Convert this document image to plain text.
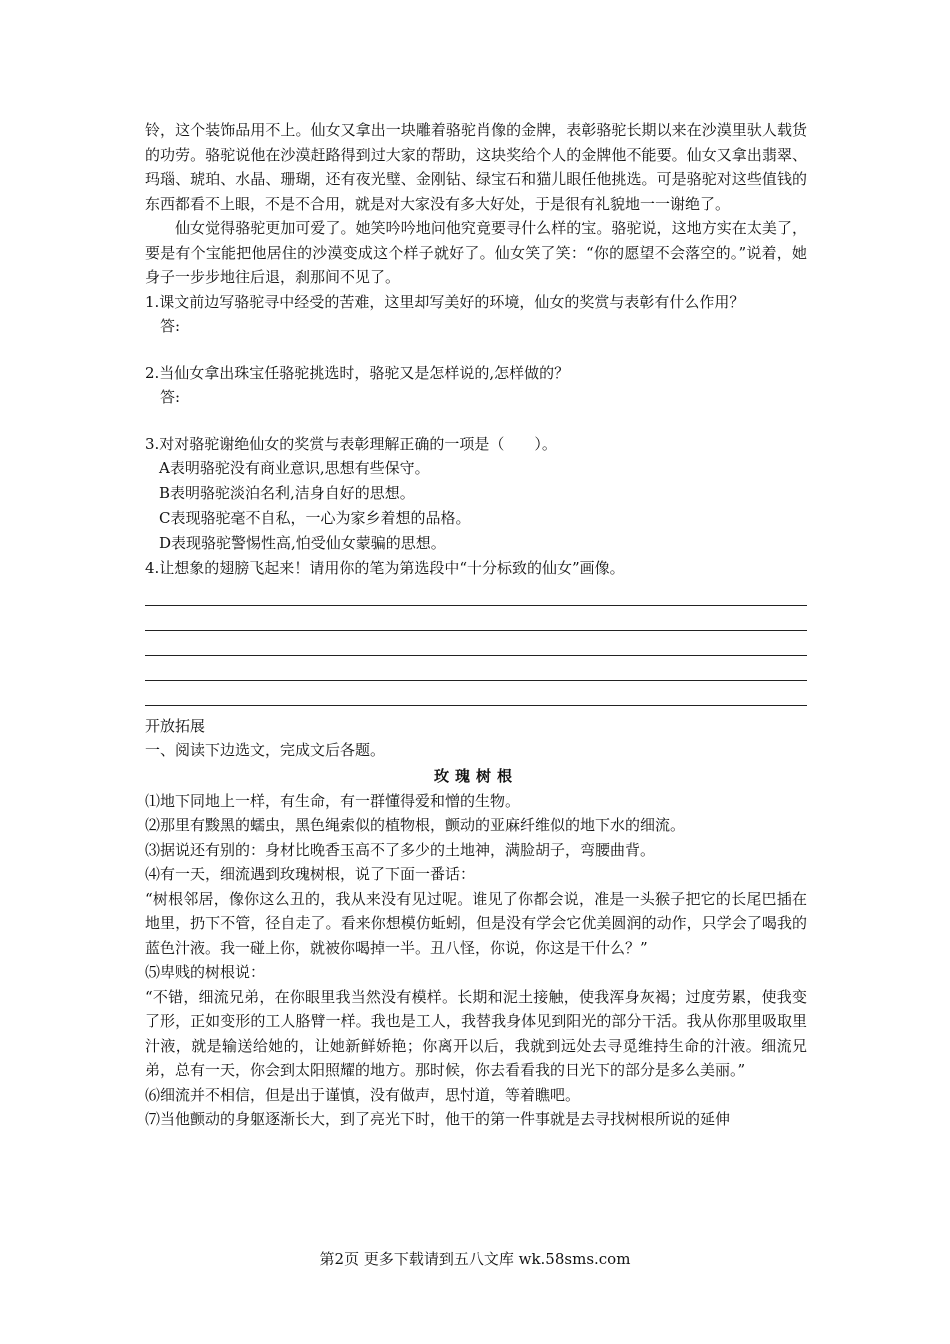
铃，这个装饰品用不上。仙女又拿出一块雕着骆驼肖像的金牌，表彰骆驼长期以来在沙漠里驮人载货的功劳。骆驼说他在沙漠赶路得到过大家的帮助，这块奖给个人的金牌他不能要。仙女又拿出翡翠、玛瑙、琥珀、水晶、珊瑚，还有夜光璧、金刚钻、绿宝石和猫儿眼任他挑选。可是骆驼对这些值钱的东西都看不上眼，不是不合用，就是对大家没有多大好处，于是很有礼貌地一一谢绝了。

仙女觉得骆驼更加可爱了。她笑吟吟地问他究竟要寻什么样的宝。骆驼说，这地方实在太美了，要是有个宝能把他居住的沙漠变成这个样子就好了。仙女笑了笑：“你的愿望不会落空的。”说着，她身子一步步地往后退，刹那间不见了。

1.课文前边写骆驼寻中经受的苦难，这里却写美好的环境，仙女的奖赏与表彰有什么作用？

答:

2.当仙女拿出珠宝任骆驼挑选时，骆驼又是怎样说的,怎样做的？

答:

3.对对骆驼谢绝仙女的奖赏与表彰理解正确的一项是（　　）。

A表明骆驼没有商业意识,思想有些保守。

B表明骆驼淡泊名利,洁身自好的思想。

C表现骆驼毫不自私，一心为家乡着想的品格。

D表现骆驼警惕性高,怕受仙女蒙骗的思想。

4.让想象的翅膀飞起来！请用你的笔为第选段中“十分标致的仙女”画像。

开放拓展

一、阅读下边选文，完成文后各题。

玫瑰树根

⑴地下同地上一样，有生命，有一群懂得爱和憎的生物。

⑵那里有黢黑的蠕虫，黑色绳索似的植物根，颤动的亚麻纤维似的地下水的细流。

⑶据说还有别的：身材比晚香玉高不了多少的土地神，满脸胡子，弯腰曲背。

⑷有一天，细流遇到玫瑰树根，说了下面一番话：

“树根邻居，像你这么丑的，我从来没有见过呢。谁见了你都会说，准是一头猴子把它的长尾巴插在地里，扔下不管，径自走了。看来你想模仿蚯蚓，但是没有学会它优美圆润的动作，只学会了喝我的蓝色汁液。我一碰上你，就被你喝掉一半。丑八怪，你说，你这是干什么？”

⑸卑贱的树根说：

“不错，细流兄弟，在你眼里我当然没有模样。长期和泥土接触，使我浑身灰褐；过度劳累，使我变了形，正如变形的工人胳臂一样。我也是工人，我替我身体见到阳光的部分干活。我从你那里吸取里汁液，就是输送给她的，让她新鲜娇艳；你离开以后，我就到远处去寻觅维持生命的汁液。细流兄弟，总有一天，你会到太阳照耀的地方。那时候，你去看看我的日光下的部分是多么美丽。”

⑹细流并不相信，但是出于谨慎，没有做声，思忖道，等着瞧吧。

⑺当他颤动的身躯逐渐长大，到了亮光下时，他干的第一件事就是去寻找树根所说的延伸

第2页 更多下载请到五八文库 wk.58sms.com
